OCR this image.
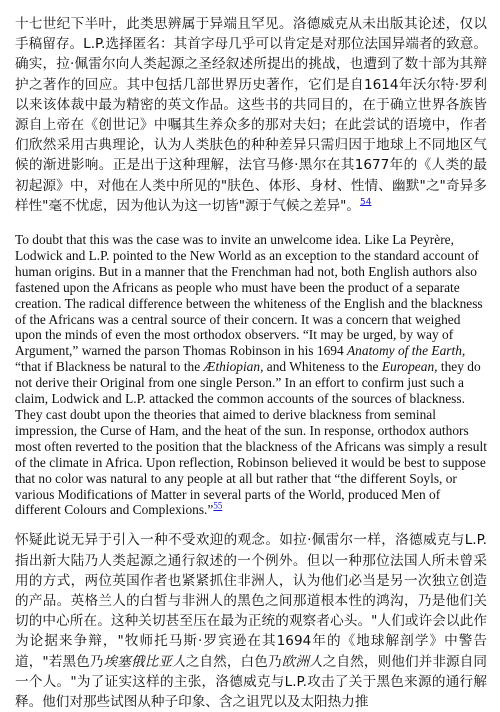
十七世纪下半叶，此类思辨属于异端且罕见。洛德威克从未出版其论述，仅以手稿留存。L.P.选择匿名：其首字母几乎可以肯定是对那位法国异端者的致意。确实，拉·佩雷尔向人类起源之圣经叙述所提出的挑战，也遭到了数十部为其辩护之著作的回应。其中包括几部世界历史著作，它们是自1614年沃尔特·罗利以来该体裁中最为精密的英文作品。这些书的共同目的，在于确立世界各族皆源自上帝在《创世记》中嘱其生养众多的那对夫妇；在此尝试的语境中，作者们欣然采用古典理论，认为人类肤色的种种差异只需归因于地球上不同地区气候的渐进影响。正是出于这种理解，法官马修·黑尔在其1677年的《人类的最初起源》中，对他在人类中所见的"肤色、体形、身材、性情、幽默"之"奇异多样性"毫不忧虑，因为他认为这一切皆"源于气候之差异"。$^{54}$

To doubt that this was the case was to invite an unwelcome idea. Like La Peyrère, Lodwick and L.P. pointed to the New World as an exception to the standard account of human origins. But in a manner that the Frenchman had not, both English authors also fastened upon the Africans as people who must have been the product of a separate creation. The radical difference between the whiteness of the English and the blackness of the Africans was a central source of their concern. It was a concern that weighed upon the minds of even the most orthodox observers. “It may be urged, by way of Argument,” warned the parson Thomas Robinson in his 1694 Anatomy of the Earth, “that if Blackness be natural to the Æthiopian, and Whiteness to the European, they do not derive their Original from one single Person.” In an effort to confirm just such a claim, Lodwick and L.P. attacked the common accounts of the sources of blackness. They cast doubt upon the theories that aimed to derive blackness from seminal impression, the Curse of Ham, and the heat of the sun. In response, orthodox authors most often reverted to the position that the blackness of the Africans was simply a result of the climate in Africa. Upon reflection, Robinson believed it would be best to suppose that no color was natural to any people at all but rather that “the different Soyls, or various Modifications of Matter in several parts of the World, produced Men of different Colours and Complexions.”$^{55}$

怀疑此说无异于引入一种不受欢迎的观念。如拉·佩雷尔一样，洛德威克与L.P.指出新大陆乃人类起源之通行叙述的一个例外。但以一种那位法国人所未曾采用的方式，两位英国作者也紧紧抓住非洲人，认为他们必当是另一次独立创造的产品。英格兰人的白皙与非洲人的黑色之间那道根本性的鸿沟，乃是他们关切的中心所在。这种关切甚至压在最为正统的观察者心头。"人们或许会以此作为论据来争辩，"牧师托马斯·罗宾逊在其1694年的《地球解剖学》中警告道，"若黑色乃埃塞俄比亚人之自然，白色乃欧洲人之自然，则他们并非源自同一个人。"为了证实这样的主张，洛德威克与L.P.攻击了关于黑色来源的通行解释。他们对那些试图从种子印象、含之诅咒以及太阳热力推
